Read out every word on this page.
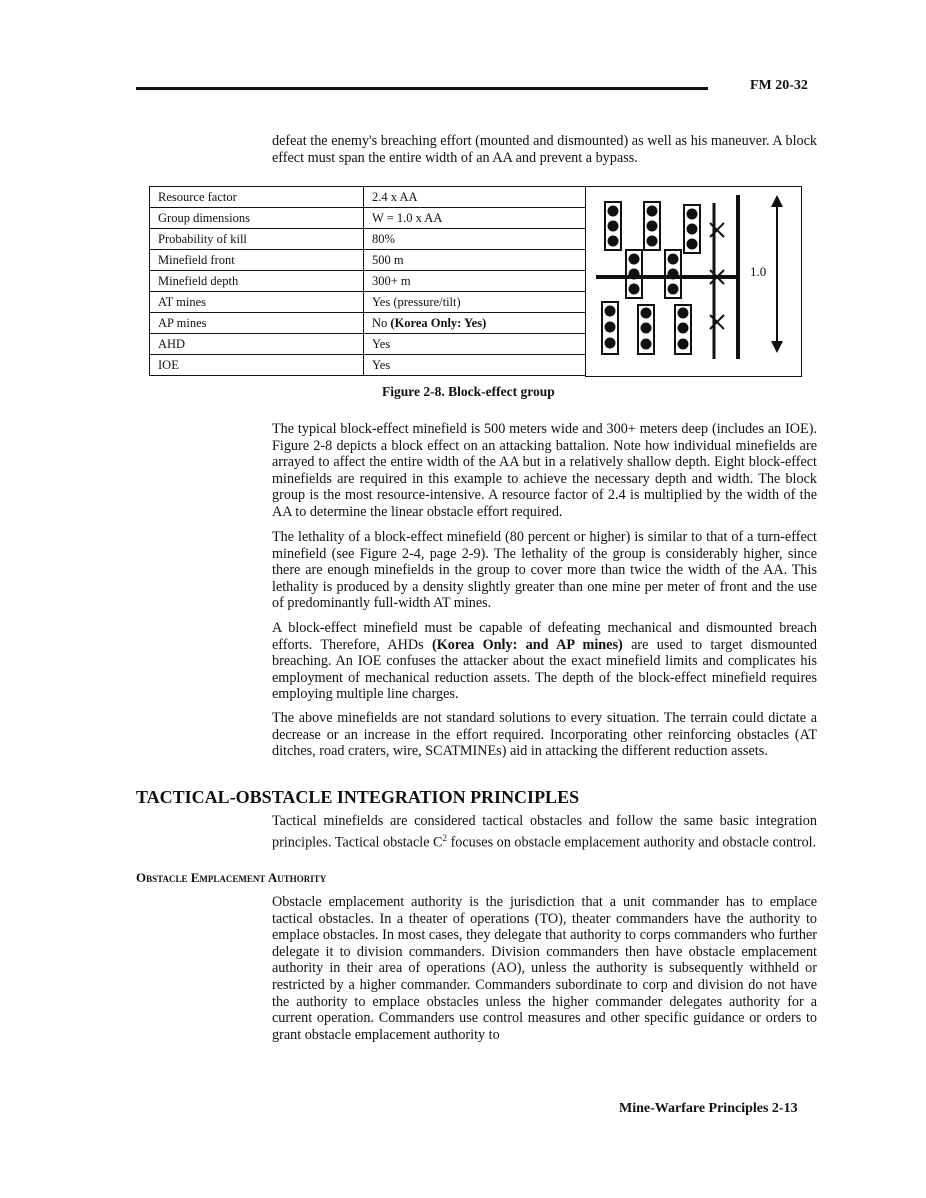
FM 20-32

defeat the enemy's breaching effort (mounted and dismounted) as well as his maneuver. A block effect must span the entire width of an AA and prevent a bypass.

Resource factor	2.4 x AA
Group dimensions	W = 1.0 x AA
Probability of kill	80%
Minefield front	500 m
Minefield depth	300+ m
AT mines	Yes (pressure/tilt)
AP mines	No (Korea Only: Yes)
AHD	Yes
IOE	Yes
1.0
Figure 2-8. Block-effect group

The typical block-effect minefield is 500 meters wide and 300+ meters deep (includes an IOE). Figure 2-8 depicts a block effect on an attacking battalion. Note how individual minefields are arrayed to affect the entire width of the AA but in a relatively shallow depth. Eight block-effect minefields are required in this example to achieve the necessary depth and width. The block group is the most resource-intensive. A resource factor of 2.4 is multiplied by the width of the AA to determine the linear obstacle effort required.

The lethality of a block-effect minefield (80 percent or higher) is similar to that of a turn-effect minefield (see Figure 2-4, page 2-9). The lethality of the group is considerably higher, since there are enough minefields in the group to cover more than twice the width of the AA. This lethality is produced by a density slightly greater than one mine per meter of front and the use of predominantly full-width AT mines.

A block-effect minefield must be capable of defeating mechanical and dismounted breach efforts. Therefore, AHDs (Korea Only: and AP mines) are used to target dismounted breaching. An IOE confuses the attacker about the exact minefield limits and complicates his employment of mechanical reduction assets. The depth of the block-effect minefield requires employing multiple line charges.

The above minefields are not standard solutions to every situation. The terrain could dictate a decrease or an increase in the effort required. Incorporating other reinforcing obstacles (AT ditches, road craters, wire, SCATMINEs) aid in attacking the different reduction assets.

TACTICAL-OBSTACLE INTEGRATION PRINCIPLES

Tactical minefields are considered tactical obstacles and follow the same basic integration principles. Tactical obstacle $C^2$ focuses on obstacle emplacement authority and obstacle control.

Obstacle Emplacement Authority

Obstacle emplacement authority is the jurisdiction that a unit commander has to emplace tactical obstacles. In a theater of operations (TO), theater commanders have the authority to emplace obstacles. In most cases, they delegate that authority to corps commanders who further delegate it to division commanders. Division commanders then have obstacle emplacement authority in their area of operations (AO), unless the authority is subsequently withheld or restricted by a higher commander. Commanders subordinate to corp and division do not have the authority to emplace obstacles unless the higher commander delegates authority for a current operation. Commanders use control measures and other specific guidance or orders to grant obstacle emplacement authority to

Mine-Warfare Principles 2-13
